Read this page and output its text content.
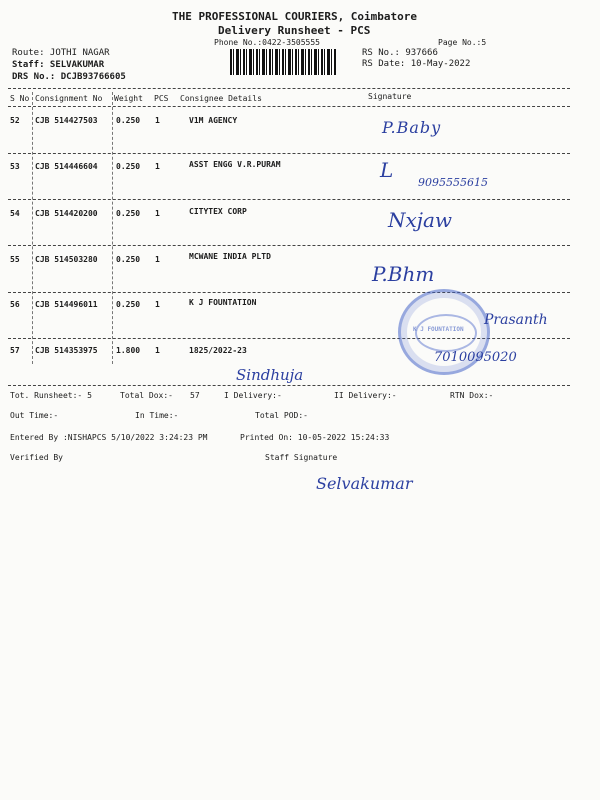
THE PROFESSIONAL COURIERS, Coimbatore
Delivery Runsheet - PCS
Phone No.:0422-3505555	Page No.:5
Route: JOTHI NAGAR
Staff: SELVAKUMAR
DRS No.: DCJB93766605
RS No.: 937666
RS Date: 10-May-2022
S No Consignment No Weight PCS Consignee Details	Signature
52 CJB 514427503 0.250 1	V1M AGENCY
53 CJB 514446604 0.250 1	ASST ENGG V.R.PURAM
54 CJB 514420200 0.250 1	CITYTEX CORP
55 CJB 514503280 0.250 1	MCWANE INDIA PLTD
56 CJB 514496011 0.250 1	K J FOUNTATION
57 CJB 514353975 1.800 1	1825/2022-23
K J FOUNTATION
P.Baby
L
9095555615
Nxjaw
P.Bhm
Prasanth
Sindhuja
7010095020
Tot. Runsheet:- 5	Total Dox:- 57	I Delivery:-	II Delivery:-	RTN Dox:-
Out Time:-	In Time:-	Total POD:-
Entered By :NISHAPCS 5/10/2022 3:24:23 PM	Printed On: 10-05-2022 15:24:33
Verified By	Staff Signature
Selvakumar
